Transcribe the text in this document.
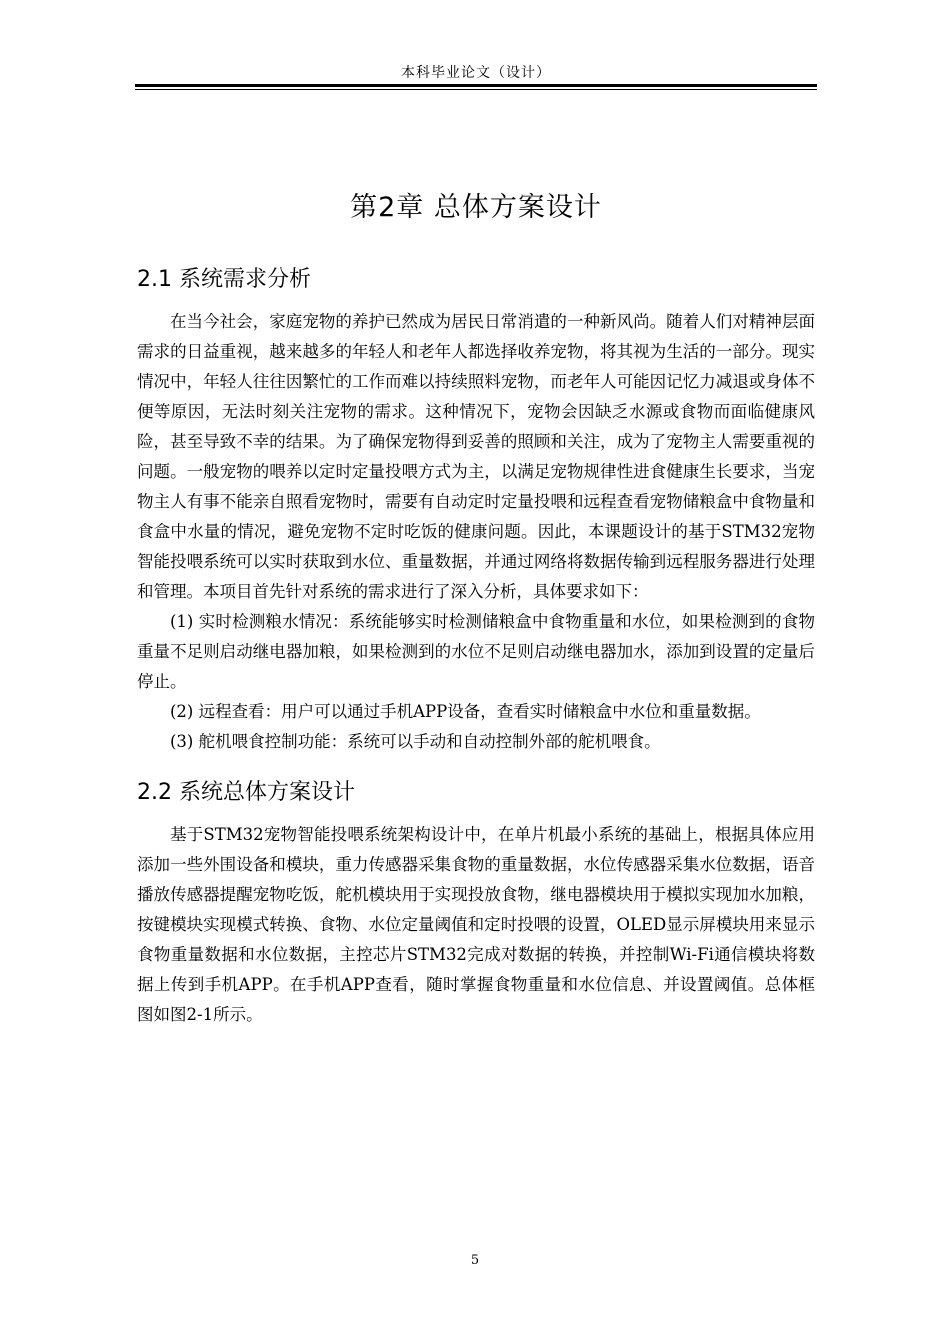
本科毕业论文（设计）
第2章 总体方案设计
2.1 系统需求分析

在当今社会，家庭宠物的养护已然成为居民日常消遣的一种新风尚。随着人们对精神层面需求的日益重视，越来越多的年轻人和老年人都选择收养宠物，将其视为生活的一部分。现实情况中，年轻人往往因繁忙的工作而难以持续照料宠物，而老年人可能因记忆力减退或身体不便等原因，无法时刻关注宠物的需求。这种情况下，宠物会因缺乏水源或食物而面临健康风险，甚至导致不幸的结果。为了确保宠物得到妥善的照顾和关注，成为了宠物主人需要重视的问题。一般宠物的喂养以定时定量投喂方式为主，以满足宠物规律性进食健康生长要求，当宠物主人有事不能亲自照看宠物时，需要有自动定时定量投喂和远程查看宠物储粮盒中食物量和食盒中水量的情况，避免宠物不定时吃饭的健康问题。因此，本课题设计的基于STM32宠物智能投喂系统可以实时获取到水位、重量数据，并通过网络将数据传输到远程服务器进行处理和管理。本项目首先针对系统的需求进行了深入分析，具体要求如下：

(1) 实时检测粮水情况：系统能够实时检测储粮盒中食物重量和水位，如果检测到的食物重量不足则启动继电器加粮，如果检测到的水位不足则启动继电器加水，添加到设置的定量后停止。

(2) 远程查看：用户可以通过手机APP设备，查看实时储粮盒中水位和重量数据。

(3) 舵机喂食控制功能：系统可以手动和自动控制外部的舵机喂食。

2.2 系统总体方案设计

基于STM32宠物智能投喂系统架构设计中，在单片机最小系统的基础上，根据具体应用添加一些外围设备和模块，重力传感器采集食物的重量数据，水位传感器采集水位数据，语音播放传感器提醒宠物吃饭，舵机模块用于实现投放食物，继电器模块用于模拟实现加水加粮，按键模块实现模式转换、食物、水位定量阈值和定时投喂的设置，OLED显示屏模块用来显示食物重量数据和水位数据，主控芯片STM32完成对数据的转换，并控制Wi-Fi通信模块将数据上传到手机APP。在手机APP查看，随时掌握食物重量和水位信息、并设置阈值。总体框图如图2-1所示。

5
